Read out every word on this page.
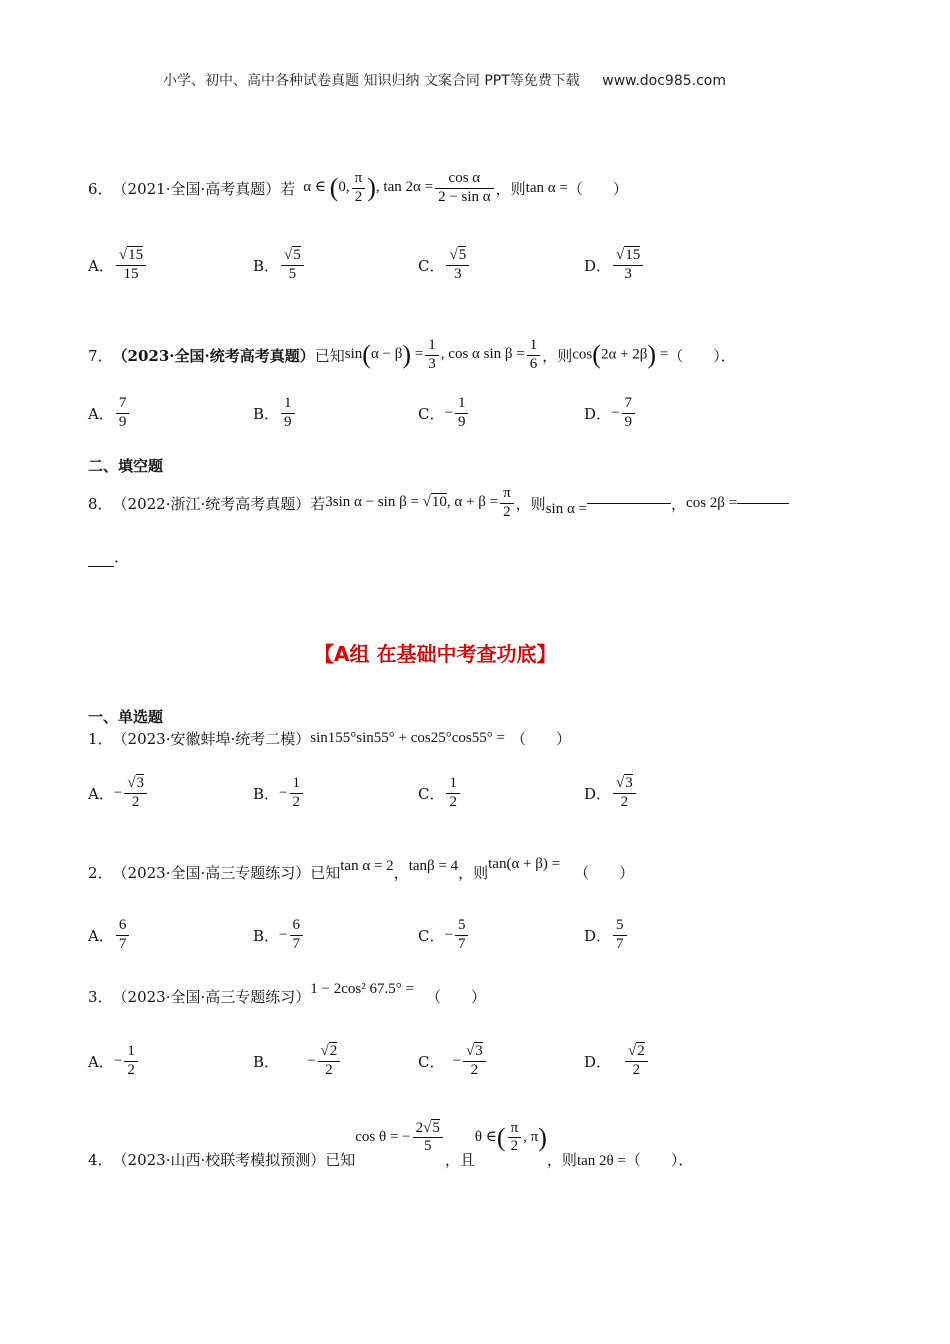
小学、初中、高中各种试卷真题 知识归纳 文案合同 PPT等免费下载 www.doc985.com
6． （2021·全国·高考真题）若 α ∈ (0, $\frac{\pi}{2}$ ), $\tan 2\alpha = \frac{\text{cos α}}{\text{2 − sin α}}$ ，则 tan α = （　　）
A． $\frac{√15}{15}$	B． $\frac{√5}{5}$	C． $\frac{√5}{3}$	D． $\frac{√15}{3}$
7． （2023·全国·统考高考真题） 已知 $\sin(\alpha - \beta) = \frac{1}{3}$ , cos α $\sin \beta = \frac{1}{6}$ ，则 cos(2α + 2β) = （　　）．
A． $\frac{7}{9}$	B． $\frac{1}{9}$	C． − $\frac{1}{9}$	D． − $\frac{7}{9}$
二、填空题
8． （2022·浙江·统考高考真题）若 3sin α − sin β = √10, $\alpha + \beta = \frac{\pi}{2}$ ，则 sin α =	， cos 2β =
．
【A组 在基础中考查功底】
一、单选题
1． （2023·安徽蚌埠·统考二模） sin155°sin55° + cos25°cos55° = （　　）
A． − $\frac{√3}{2}$	B． − $\frac{1}{2}$	C． $\frac{1}{2}$	D． $\frac{√3}{2}$
2． （2023·全国·高三专题练习）已知 tan α = 2 ， tanβ = 4 ，则 tan(α + β) = （　　）
A． $\frac{6}{7}$	B． − $\frac{6}{7}$	C． − $\frac{5}{7}$	D． $\frac{5}{7}$
3． （2023·全国·高三专题练习） 1 − 2cos² 67.5° = （　　）
A． − $\frac{1}{2}$	B． − $\frac{√2}{2}$	C． − $\frac{√3}{2}$	D． $\frac{√2}{2}$
4． （2023·山西·校联考模拟预测）已知
cos θ = − $\frac{2√5}{5}$
，且
θ ∈( $\frac{\pi}{2}$ , π)
，则 tan 2θ = （　　）．
